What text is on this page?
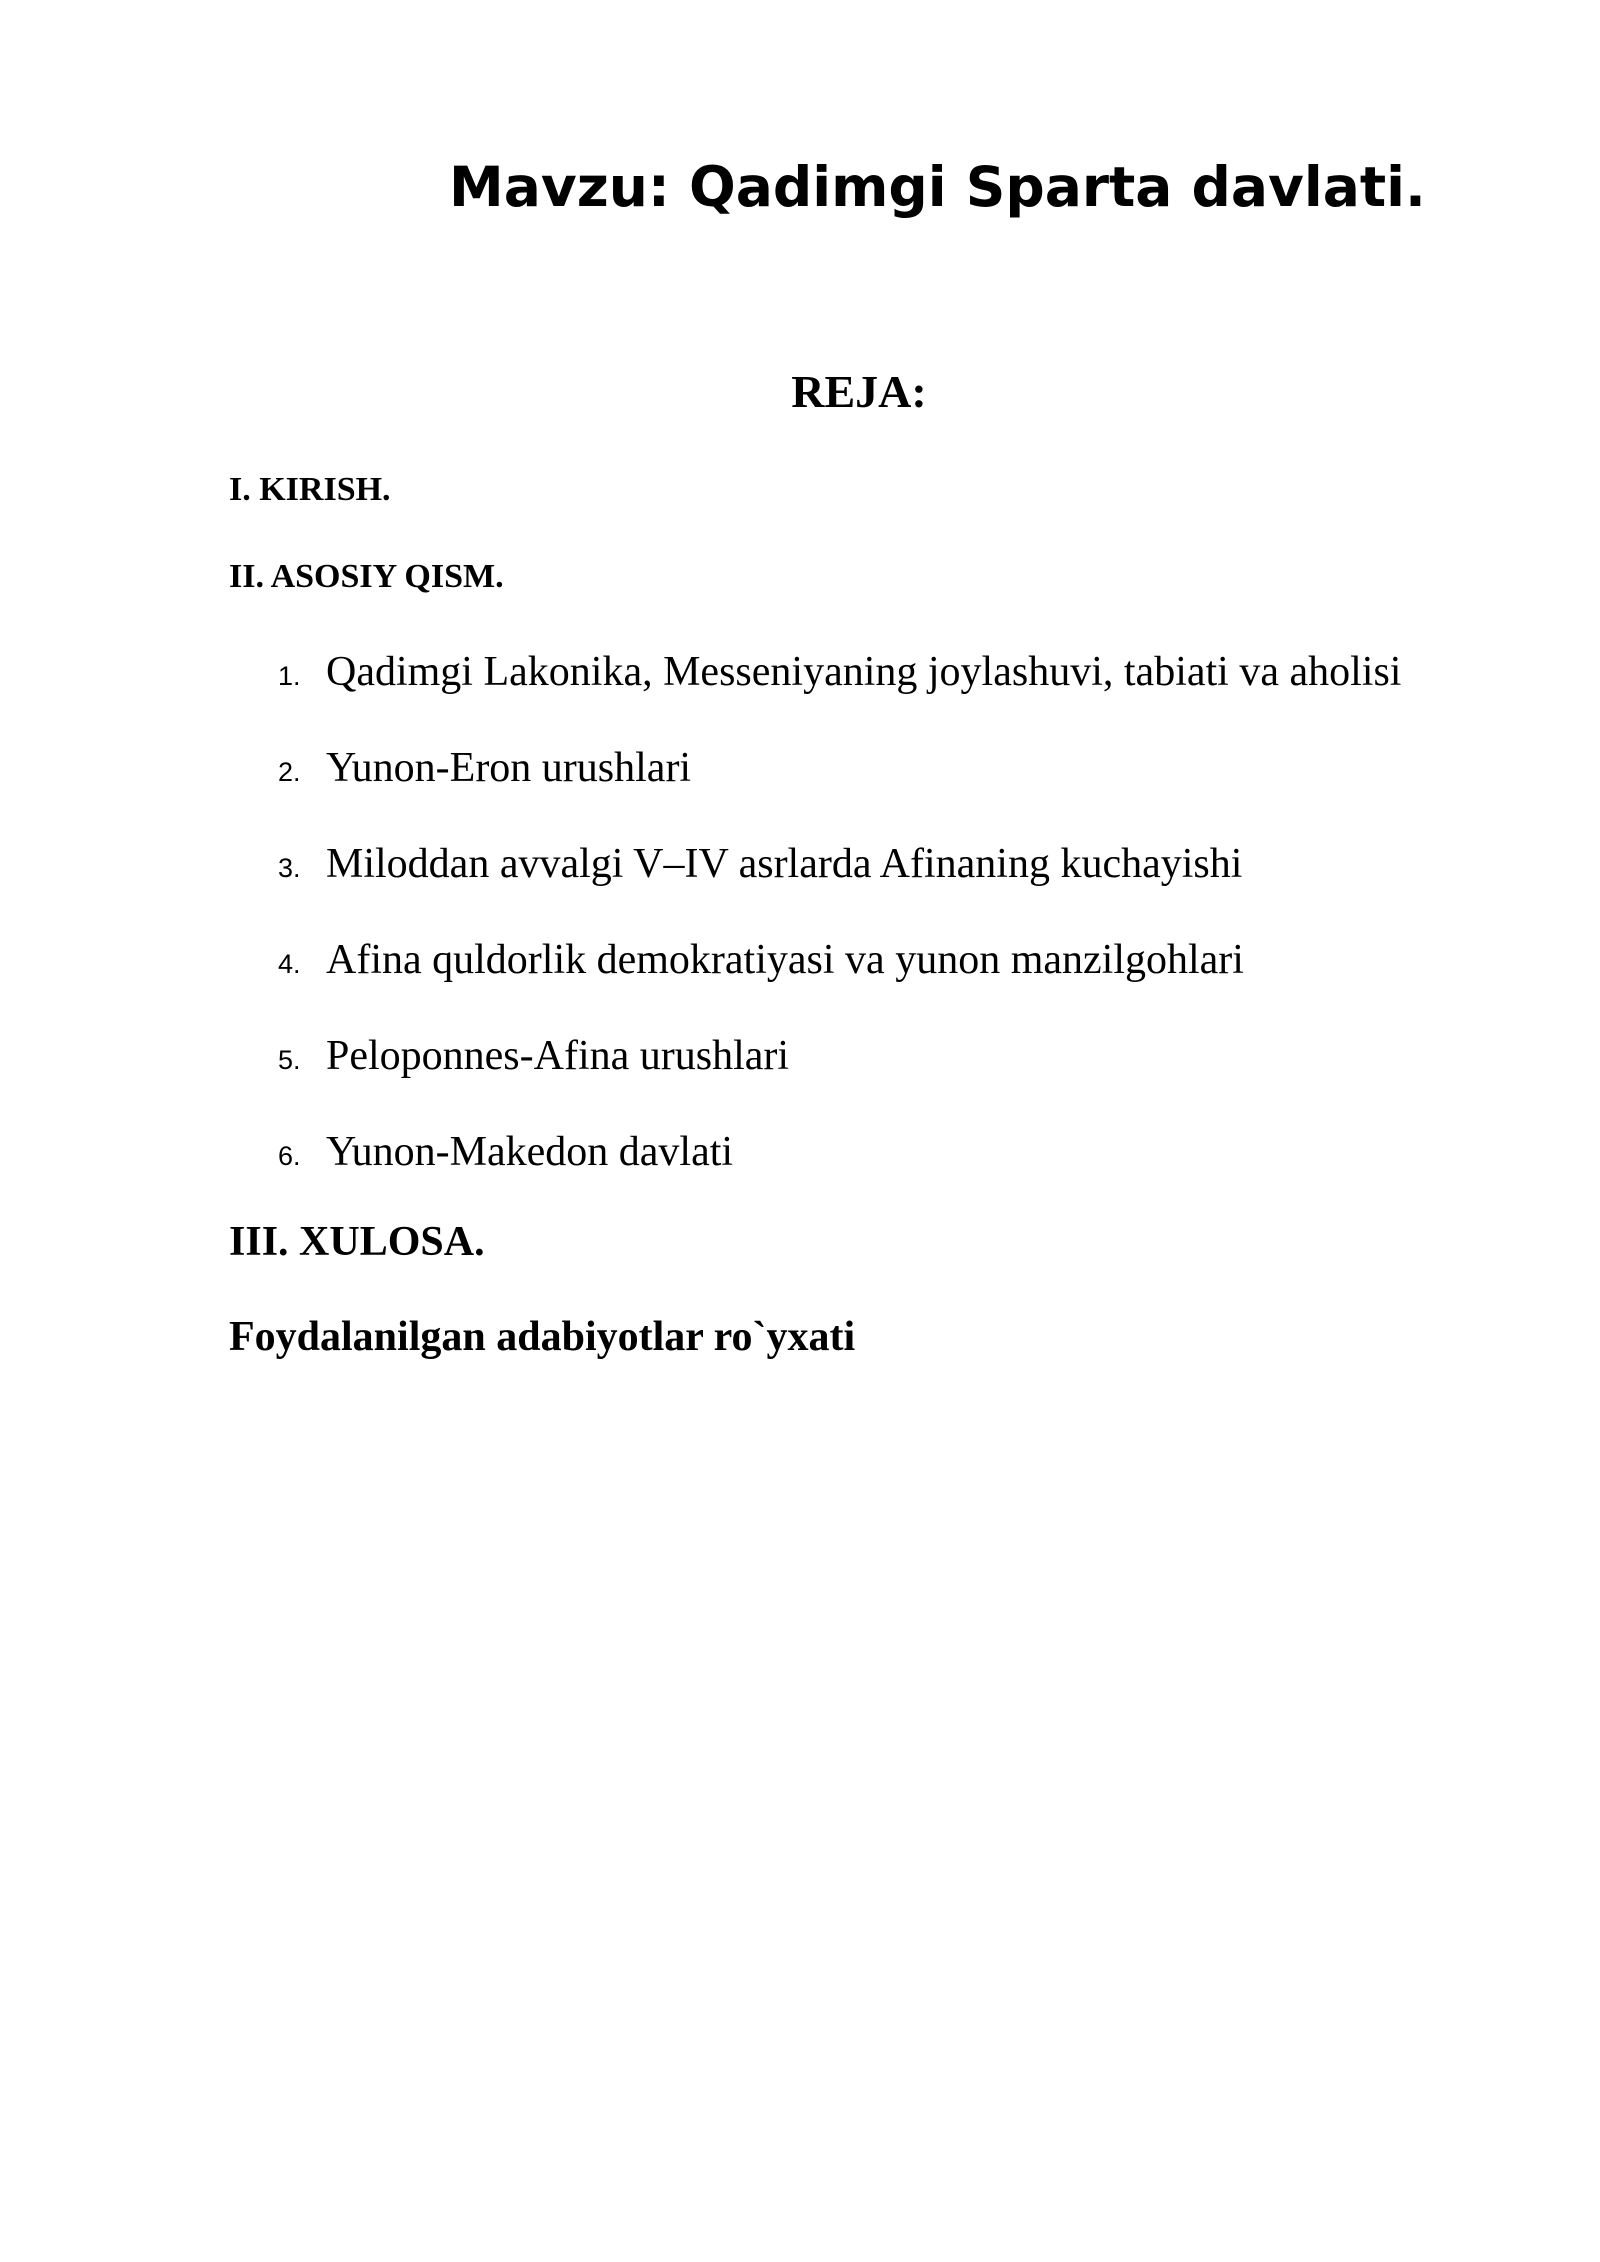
Mavzu: Qadimgi Sparta davlati.
REJA:

I. KIRISH.

II. ASOSIY QISM.

1. Qadimgi Lakonika, Messeniyaning joylashuvi, tabiati va aholisi
2. Yunon-Eron urushlari
3. Miloddan avvalgi V–IV asrlarda Afinaning kuchayishi
4. Afina quldorlik demokratiyasi va yunon manzilgohlari
5. Peloponnes-Afina urushlari
6. Yunon-Makedon davlati

III. XULOSA.

Foydalanilgan adabiyotlar ro`yxati
